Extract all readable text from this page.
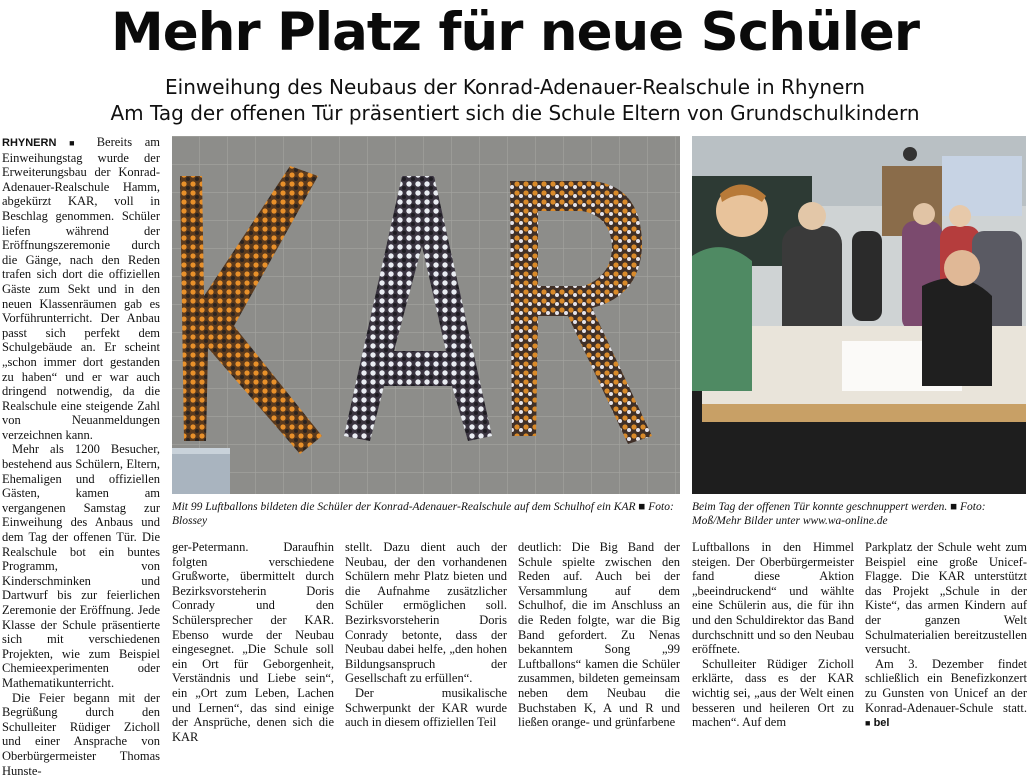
Mehr Platz für neue Schüler
Einweihung des Neubaus der Konrad-Adenauer-Realschule in Rhynern
Am Tag der offenen Tür präsentiert sich die Schule Eltern von Grundschulkindern

RHYNERN ■ Bereits am Einweihungstag wurde der Erweiterungsbau der Konrad-Adenauer-Realschule Hamm, abgekürzt KAR, voll in Beschlag genommen. Schüler liefen während der Eröffnungszeremonie durch die Gänge, nach den Reden trafen sich dort die offiziellen Gäste zum Sekt und in den neuen Klassenräumen gab es Vorführunterricht. Der Anbau passt sich perfekt dem Schulgebäude an. Er scheint „schon immer dort gestanden zu haben“ und er war auch dringend notwendig, da die Realschule eine steigende Zahl von Neuanmeldungen verzeichnen kann.

Mehr als 1200 Besucher, bestehend aus Schülern, Eltern, Ehemaligen und offiziellen Gästen, kamen am vergangenen Samstag zur Einweihung des Anbaus und dem Tag der offenen Tür. Die Realschule bot ein buntes Programm, von Kinderschminken und Dartwurf bis zur feierlichen Zeremonie der Eröffnung. Jede Klasse der Schule präsentierte sich mit verschiedenen Projekten, wie zum Beispiel Chemieexperimenten oder Mathematikunterricht.

Die Feier begann mit der Begrüßung durch den Schulleiter Rüdiger Zicholl und einer Ansprache von Oberbürgermeister Thomas Hunste-

Mit 99 Luftballons bildeten die Schüler der Konrad-Adenauer-Realschule auf dem Schulhof ein KAR ■ Foto: Blossey
Beim Tag der offenen Tür konnte geschnuppert werden. ■ Foto: Moß/Mehr Bilder unter www.wa-online.de

ger-Petermann. Daraufhin folgten verschiedene Grußworte, übermittelt durch Bezirksvorsteherin Doris Conrady und den Schülersprecher der KAR. Ebenso wurde der Neubau eingesegnet. „Die Schule soll ein Ort für Geborgenheit, Verständnis und Liebe sein“, ein „Ort zum Leben, Lachen und Lernen“, das sind einige der Ansprüche, denen sich die KAR

stellt. Dazu dient auch der Neubau, der den vorhandenen Schülern mehr Platz bieten und die Aufnahme zusätzlicher Schüler ermöglichen soll. Bezirksvorsteherin Doris Conrady betonte, dass der Neubau dabei helfe, „den hohen Bildungsanspruch der Gesellschaft zu erfüllen“.

Der musikalische Schwerpunkt der KAR wurde auch in diesem offiziellen Teil

deutlich: Die Big Band der Schule spielte zwischen den Reden auf. Auch bei der Versammlung auf dem Schulhof, die im Anschluss an die Reden folgte, war die Big Band gefordert. Zu Nenas bekanntem Song „99 Luftballons“ kamen die Schüler zusammen, bildeten gemeinsam neben dem Neubau die Buchstaben K, A und R und ließen orange- und grünfarbene

Luftballons in den Himmel steigen. Der Oberbürgermeister fand diese Aktion „beeindruckend“ und wählte eine Schülerin aus, die für ihn und den Schuldirektor das Band durchschnitt und so den Neubau eröffnete.

Schulleiter Rüdiger Zicholl erklärte, dass es der KAR wichtig sei, „aus der Welt einen besseren und heileren Ort zu machen“. Auf dem

Parkplatz der Schule weht zum Beispiel eine große Unicef-Flagge. Die KAR unterstützt das Projekt „Schule in der Kiste“, das armen Kindern auf der ganzen Welt Schulmaterialien bereitzustellen versucht.

Am 3. Dezember findet schließlich ein Benefizkonzert zu Gunsten von Unicef an der Konrad-Adenauer-Schule statt. ■ bel
